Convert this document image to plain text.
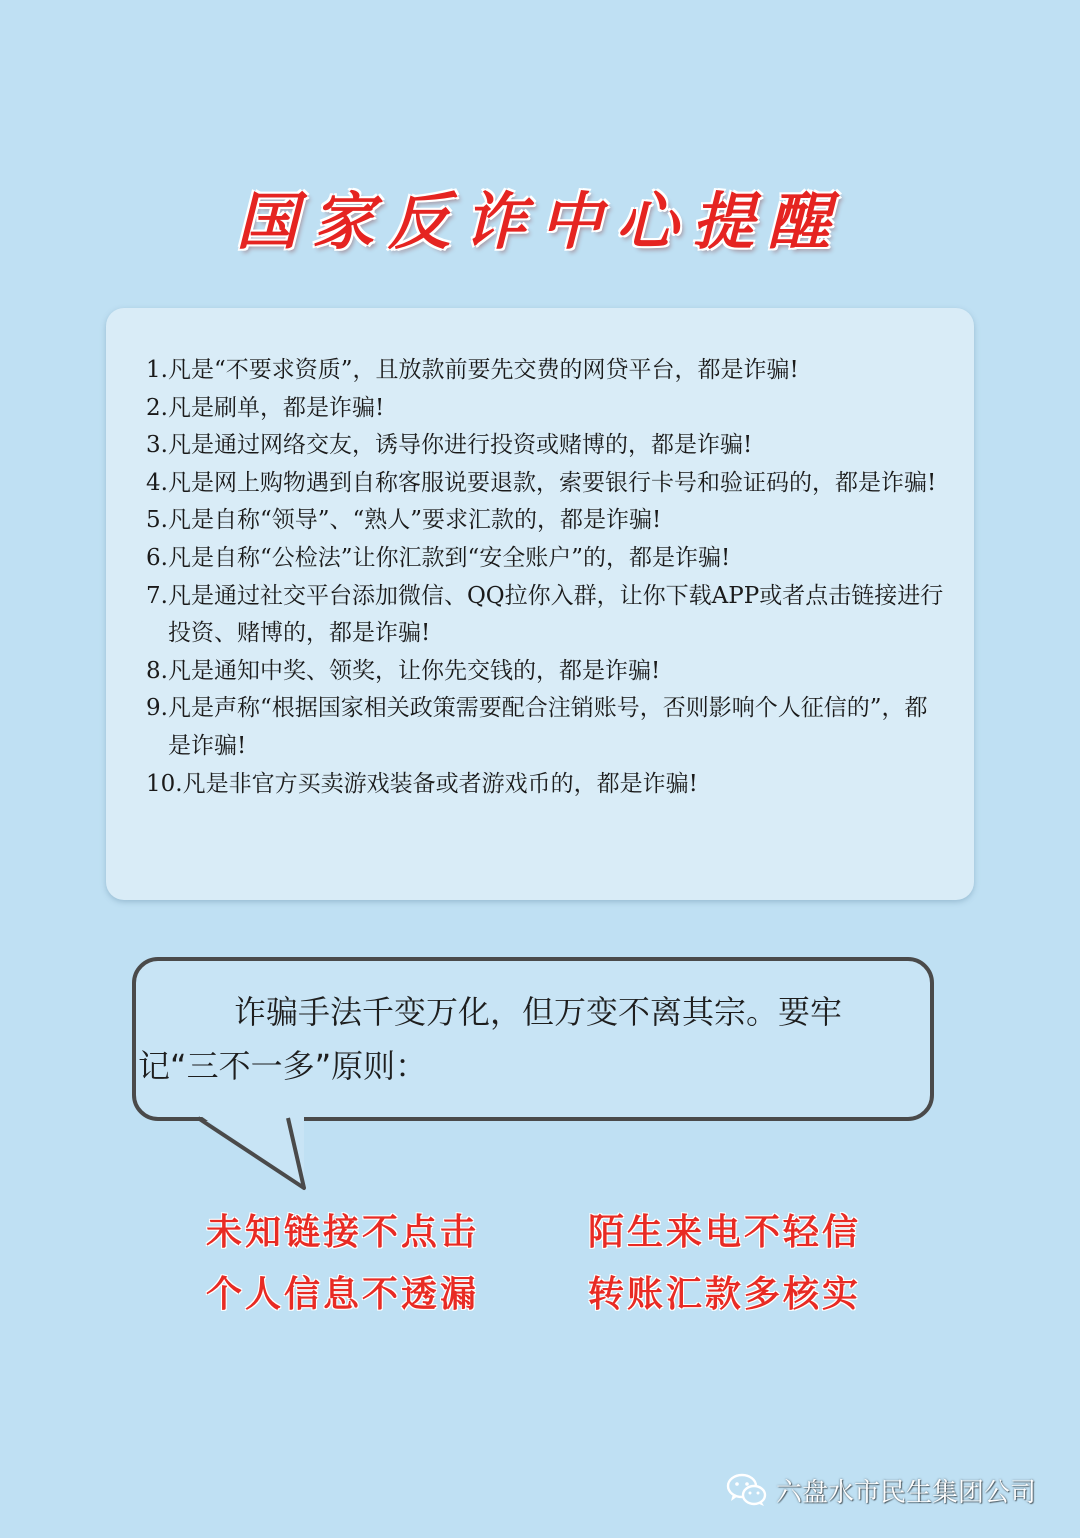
国家反诈中心提醒
1.凡是“不要求资质”，且放款前要先交费的网贷平台，都是诈骗!
2.凡是刷单，都是诈骗!
3.凡是通过网络交友，诱导你进行投资或赌博的，都是诈骗!
4.凡是网上购物遇到自称客服说要退款，索要银行卡号和验证码的，都是诈骗!
5.凡是自称“领导”、“熟人”要求汇款的，都是诈骗!
6.凡是自称“公检法”让你汇款到“安全账户”的，都是诈骗!
7.凡是通过社交平台添加微信、QQ拉你入群，让你下载APP或者点击链接进行投资、赌博的，都是诈骗!
8.凡是通知中奖、领奖，让你先交钱的，都是诈骗!
9.凡是声称“根据国家相关政策需要配合注销账号，否则影响个人征信的”，都是诈骗!
10.凡是非官方买卖游戏装备或者游戏币的，都是诈骗!
诈骗手法千变万化，但万变不离其宗。要牢记“三不一多”原则：
未知链接不点击	陌生来电不轻信
个人信息不透漏	转账汇款多核实
六盘水市民生集团公司
